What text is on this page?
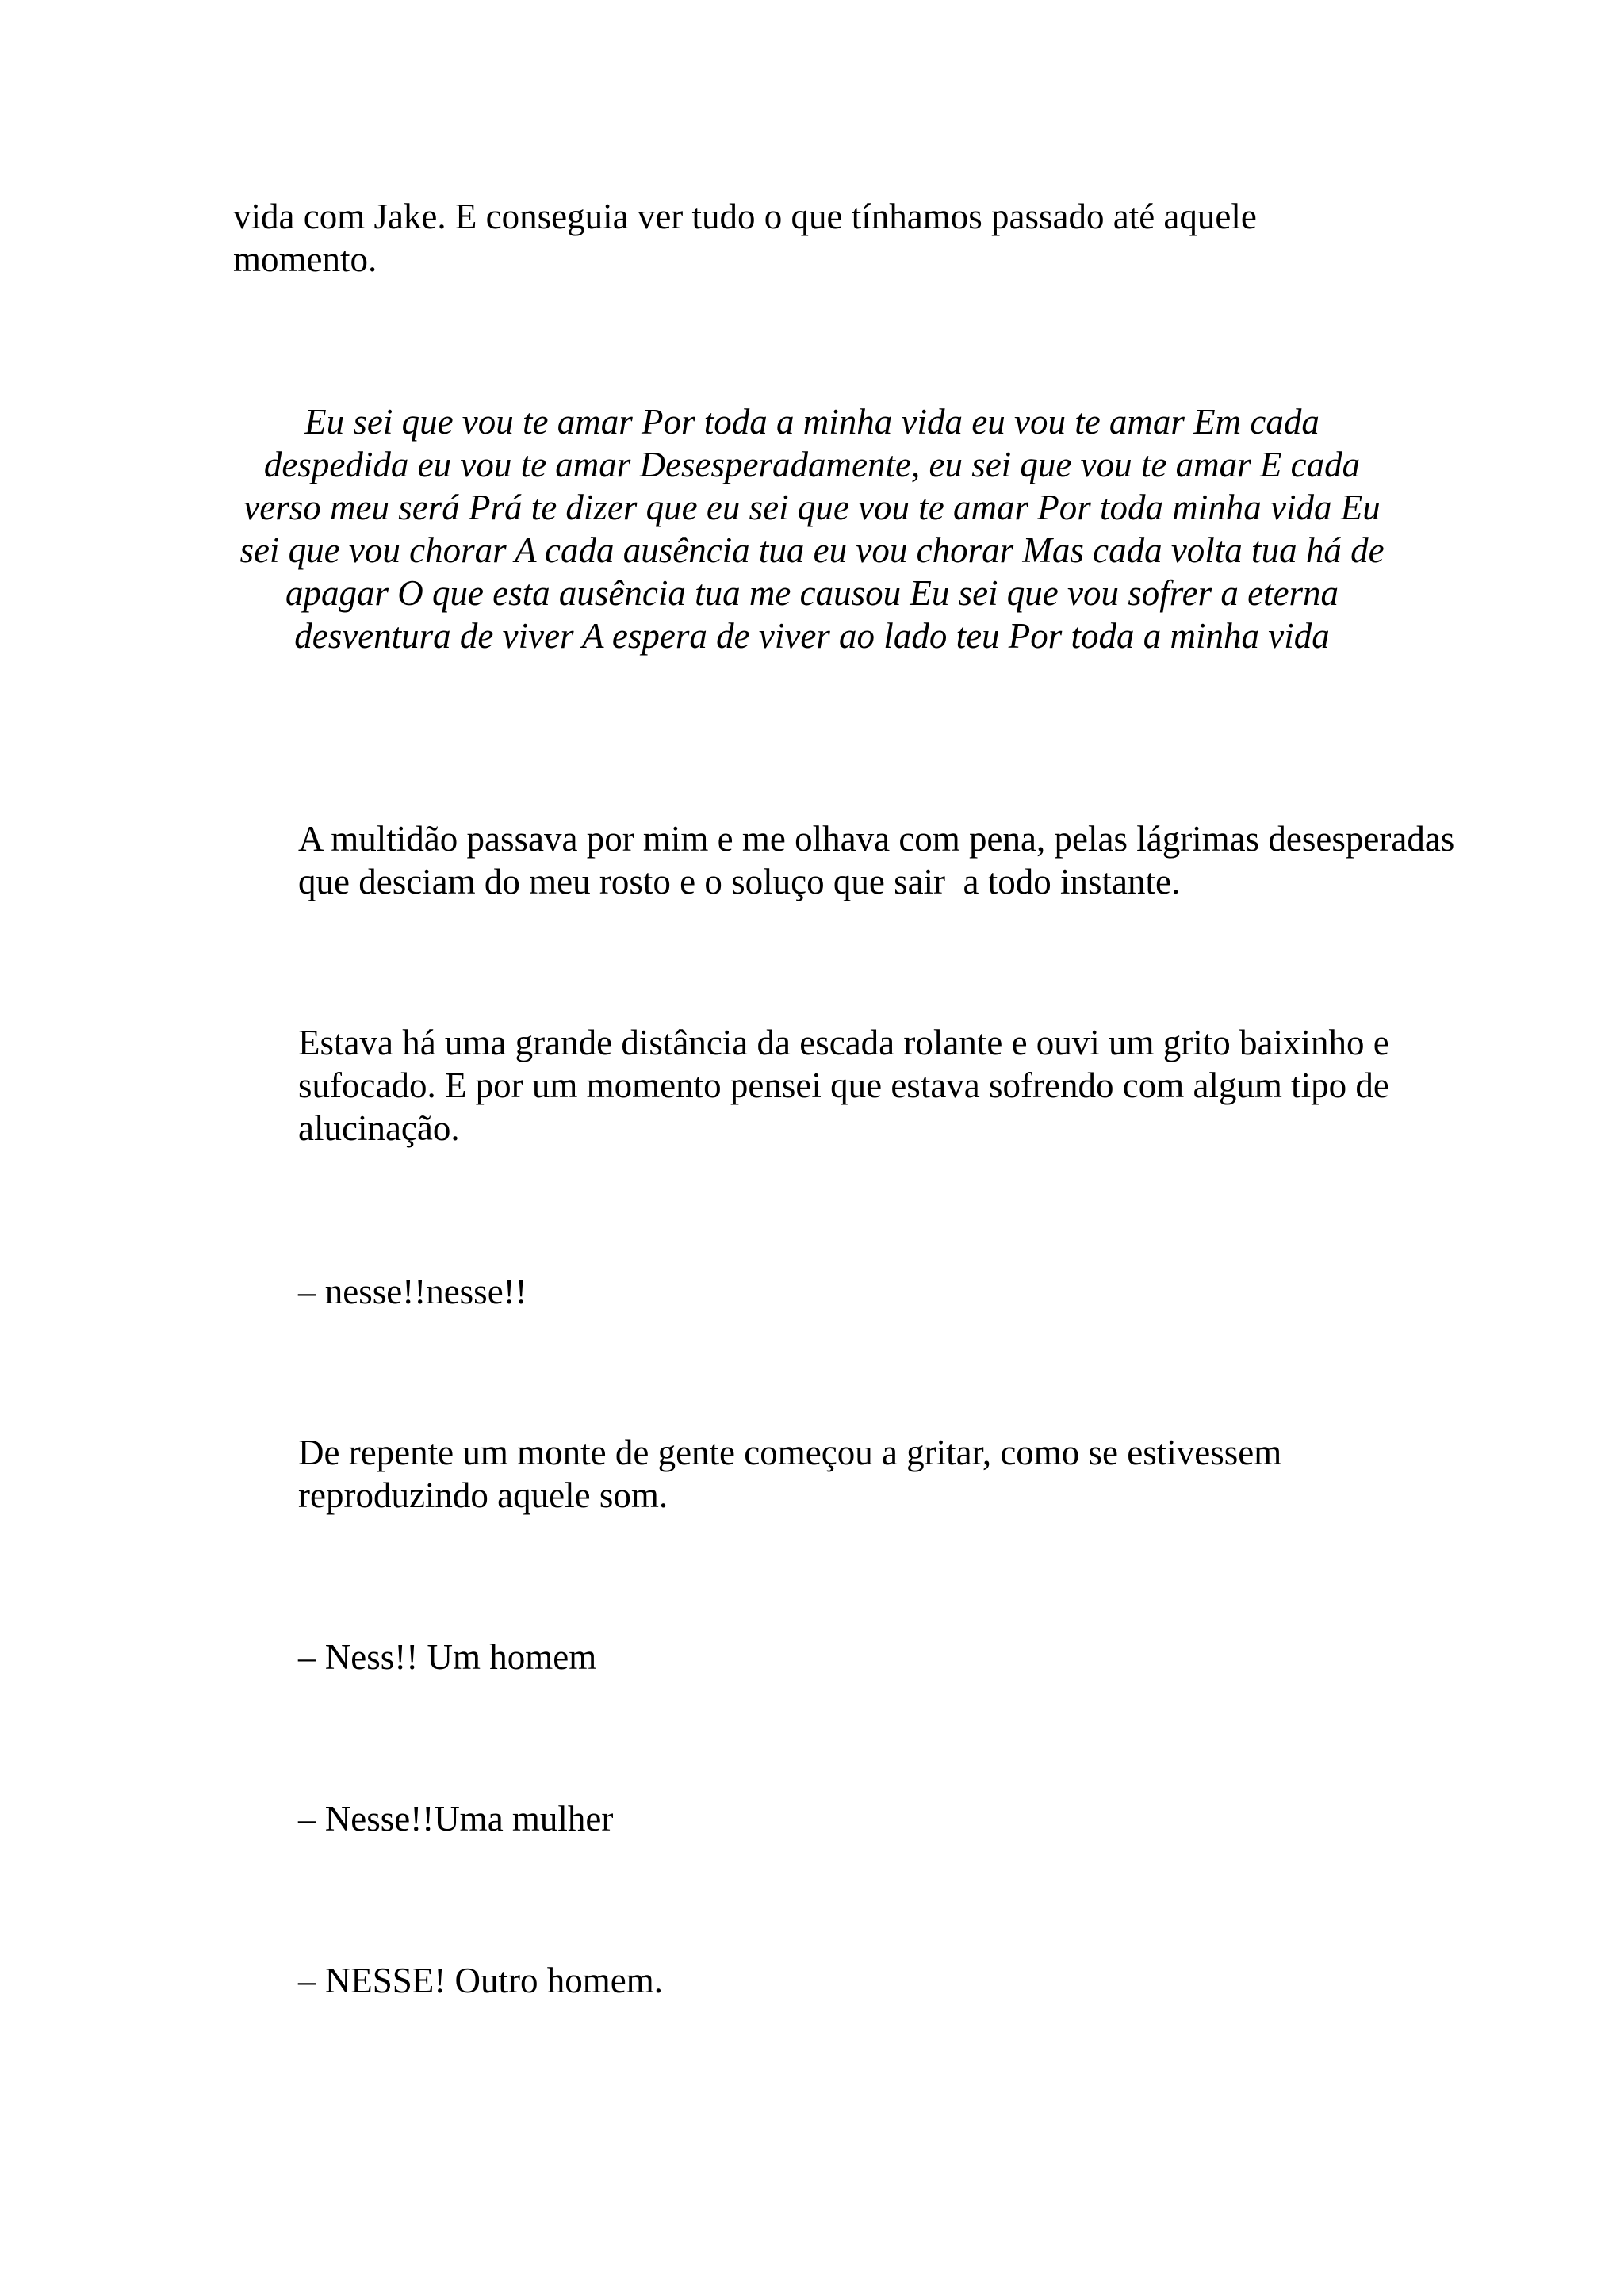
vida com Jake. E conseguia ver tudo o que tínhamos passado até aquele momento.

Eu sei que vou te amar Por toda a minha vida eu vou te amar Em cada despedida eu vou te amar Desesperadamente, eu sei que vou te amar E cada verso meu será Prá te dizer que eu sei que vou te amar Por toda minha vida Eu sei que vou chorar A cada ausência tua eu vou chorar Mas cada volta tua há de apagar O que esta ausência tua me causou Eu sei que vou sofrer a eterna desventura de viver A espera de viver ao lado teu Por toda a minha vida

A multidão passava por mim e me olhava com pena, pelas lágrimas desesperadas que desciam do meu rosto e o soluço que sair  a todo instante.

Estava há uma grande distância da escada rolante e ouvi um grito baixinho e sufocado. E por um momento pensei que estava sofrendo com algum tipo de alucinação.

– nesse!!nesse!!

De repente um monte de gente começou a gritar, como se estivessem reproduzindo aquele som.

– Ness!! Um homem

– Nesse!!Uma mulher

– NESSE! Outro homem.
